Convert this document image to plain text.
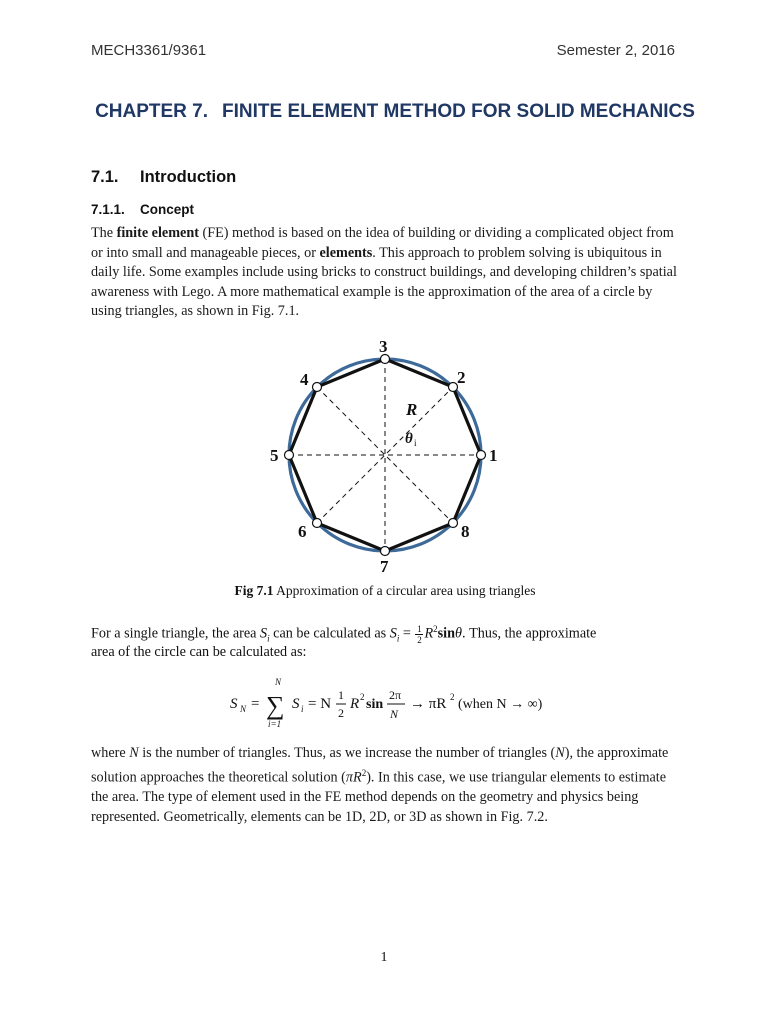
MECH3361/9361	Semester 2, 2016
CHAPTER 7. FINITE ELEMENT METHOD FOR SOLID MECHANICS
7.1. Introduction
7.1.1. Concept
The finite element (FE) method is based on the idea of building or dividing a complicated object from or into small and manageable pieces, or elements. This approach to problem solving is ubiquitous in daily life. Some examples include using bricks to construct buildings, and developing children’s spatial awareness with Lego. A more mathematical example is the approximation of the area of a circle by using triangles, as shown in Fig. 7.1.
1
2
3
4
5
6
7
8
R
θ i
Fig 7.1 Approximation of a circular area using triangles
For a single triangle, the area $S_i$ can be calculated as $S_i = \frac{1}{2} R^2\sin\theta$. Thus, the approximate
area of the circle can be calculated as:
S N =
N
∑
i=1
S i = N
1
2
R 2 sin
2π
N
→ πR 2 (when N → ∞)
where N is the number of triangles. Thus, as we increase the number of triangles (N), the approximate solution approaches the theoretical solution $(\pi R^2)$. In this case, we use triangular elements to estimate the area. The type of element used in the FE method depends on the geometry and physics being represented. Geometrically, elements can be 1D, 2D, or 3D as shown in Fig. 7.2.
1
